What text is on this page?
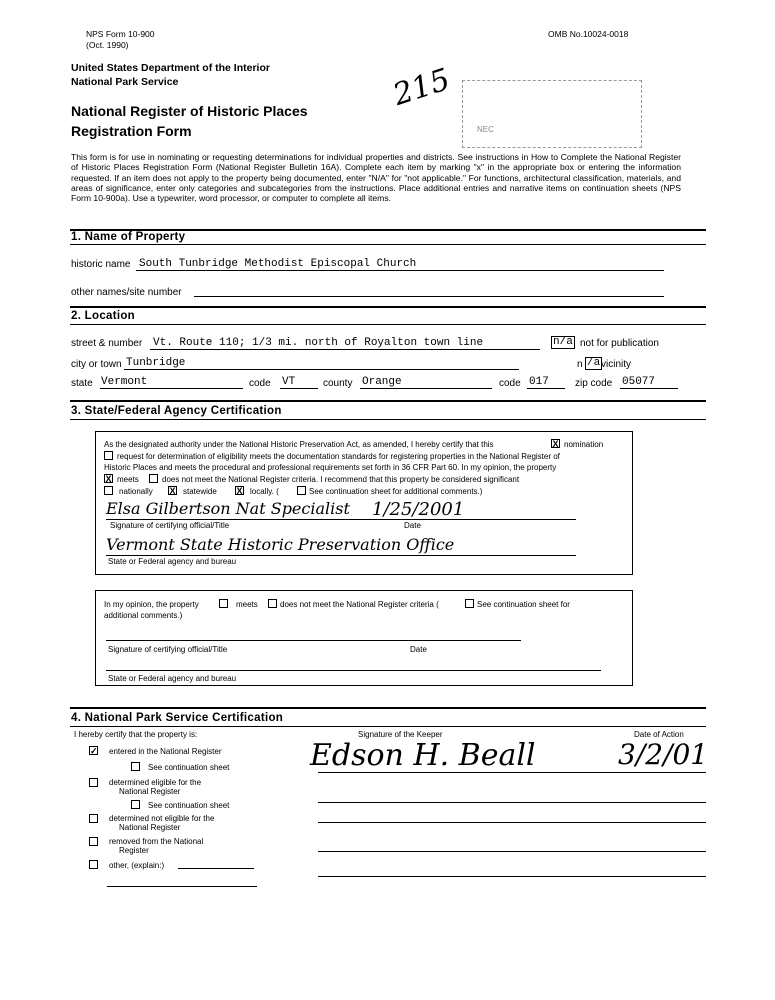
NPS Form 10-900
(Oct. 1990)
OMB No.10024-0018
United States Department of the Interior
National Park Service
National Register of Historic Places
Registration Form
215
NEC
This form is for use in nominating or requesting determinations for individual properties and districts. See instructions in How to Complete the National Register of Historic Places Registration Form (National Register Bulletin 16A). Complete each item by marking "x" in the appropriate box or entering the information requested. If an item does not apply to the property being documented, enter "N/A" for "not applicable." For functions, architectural classification, materials, and areas of significance, enter only categories and subcategories from the instructions. Place additional entries and narrative items on continuation sheets (NPS Form 10-900a). Use a typewriter, word processor, or computer to complete all items.
1. Name of Property
historic name South Tunbridge Methodist Episcopal Church
other names/site number
2. Location
street & number Vt. Route 110; 1/3 mi. north of Royalton town line	n/a not for publication
city or town Tunbridge	n /a vicinity
state Vermont	code VT	county Orange	code 017	zip code 05077
3. State/Federal Agency Certification
As the designated authority under the National Historic Preservation Act, as amended, I hereby certify that this	X nomination
request for determination of eligibility meets the documentation standards for registering properties in the National Register of
Historic Places and meets the procedural and professional requirements set forth in 36 CFR Part 60. In my opinion, the property
X meets	does not meet the National Register criteria. I recommend that this property be considered significant
nationally X statewide X locally. (	See continuation sheet for additional comments.)
Elsa Gilbertson Nat Specialist 1/25/2001
Signature of certifying official/Title	Date
Vermont State Historic Preservation Office
State or Federal agency and bureau
In my opinion, the property	meets	does not meet the National Register criteria (	See continuation sheet for
additional comments.)
Signature of certifying official/Title	Date
State or Federal agency and bureau
4. National Park Service Certification
I hereby certify that the property is:	Signature of the Keeper	Date of Action
Edson H. Beall	3/2/01
✓ entered in the National Register
See continuation sheet
determined eligible for the
National Register
See continuation sheet
determined not eligible for the
National Register
removed from the National
Register
other, (explain:)
